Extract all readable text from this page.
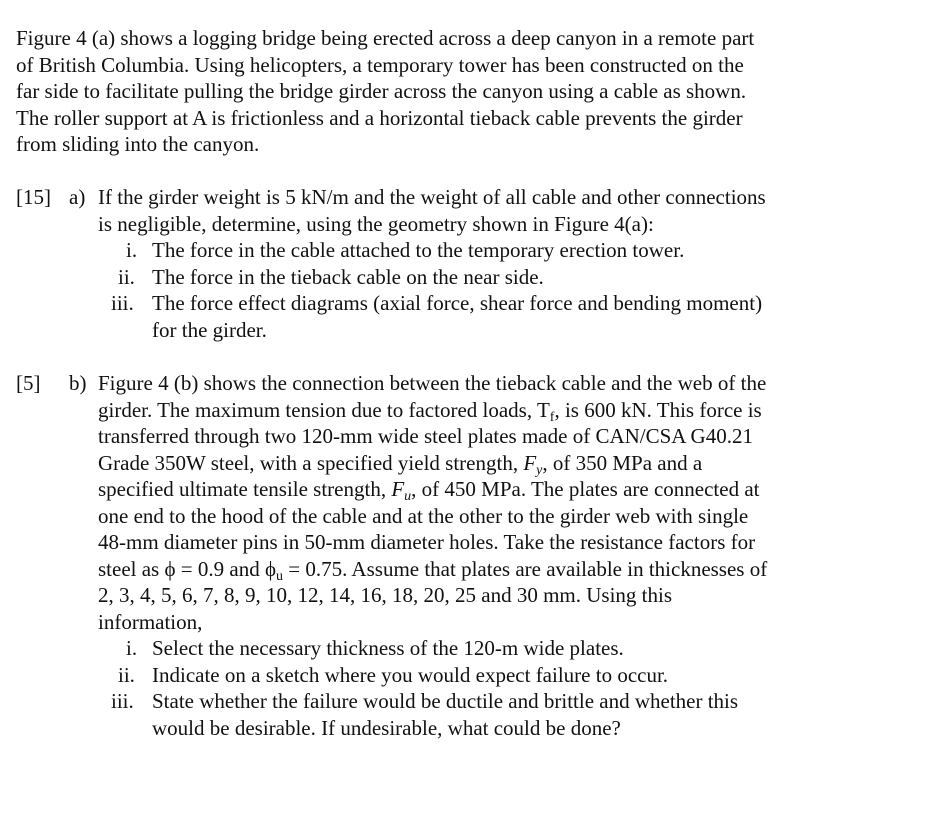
Figure 4 (a) shows a logging bridge being erected across a deep canyon in a remote part
of British Columbia. Using helicopters, a temporary tower has been constructed on the
far side to facilitate pulling the bridge girder across the canyon using a cable as shown.
The roller support at A is frictionless and a horizontal tieback cable prevents the girder
from sliding into the canyon.
[15] a) If the girder weight is 5 kN/m and the weight of all cable and other connections
is negligible, determine, using the geometry shown in Figure 4(a):
i. The force in the cable attached to the temporary erection tower.
ii. The force in the tieback cable on the near side.
iii. The force effect diagrams (axial force, shear force and bending moment)
for the girder.
[5] b) Figure 4 (b) shows the connection between the tieback cable and the web of the
girder. The maximum tension due to factored loads, $T_f$, is 600 kN. This force is
transferred through two 120-mm wide steel plates made of CAN/CSA G40.21
Grade 350W steel, with a specified yield strength, $F_y$, of 350 MPa and a
specified ultimate tensile strength, $F_u$, of 450 MPa. The plates are connected at
one end to the hood of the cable and at the other to the girder web with single
48-mm diameter pins in 50-mm diameter holes. Take the resistance factors for
steel as ϕ = 0.9 and $\phi_u = 0.75$. Assume that plates are available in thicknesses of
2, 3, 4, 5, 6, 7, 8, 9, 10, 12, 14, 16, 18, 20, 25 and 30 mm. Using this
information,
i. Select the necessary thickness of the 120-m wide plates.
ii. Indicate on a sketch where you would expect failure to occur.
iii. State whether the failure would be ductile and brittle and whether this
would be desirable. If undesirable, what could be done?
